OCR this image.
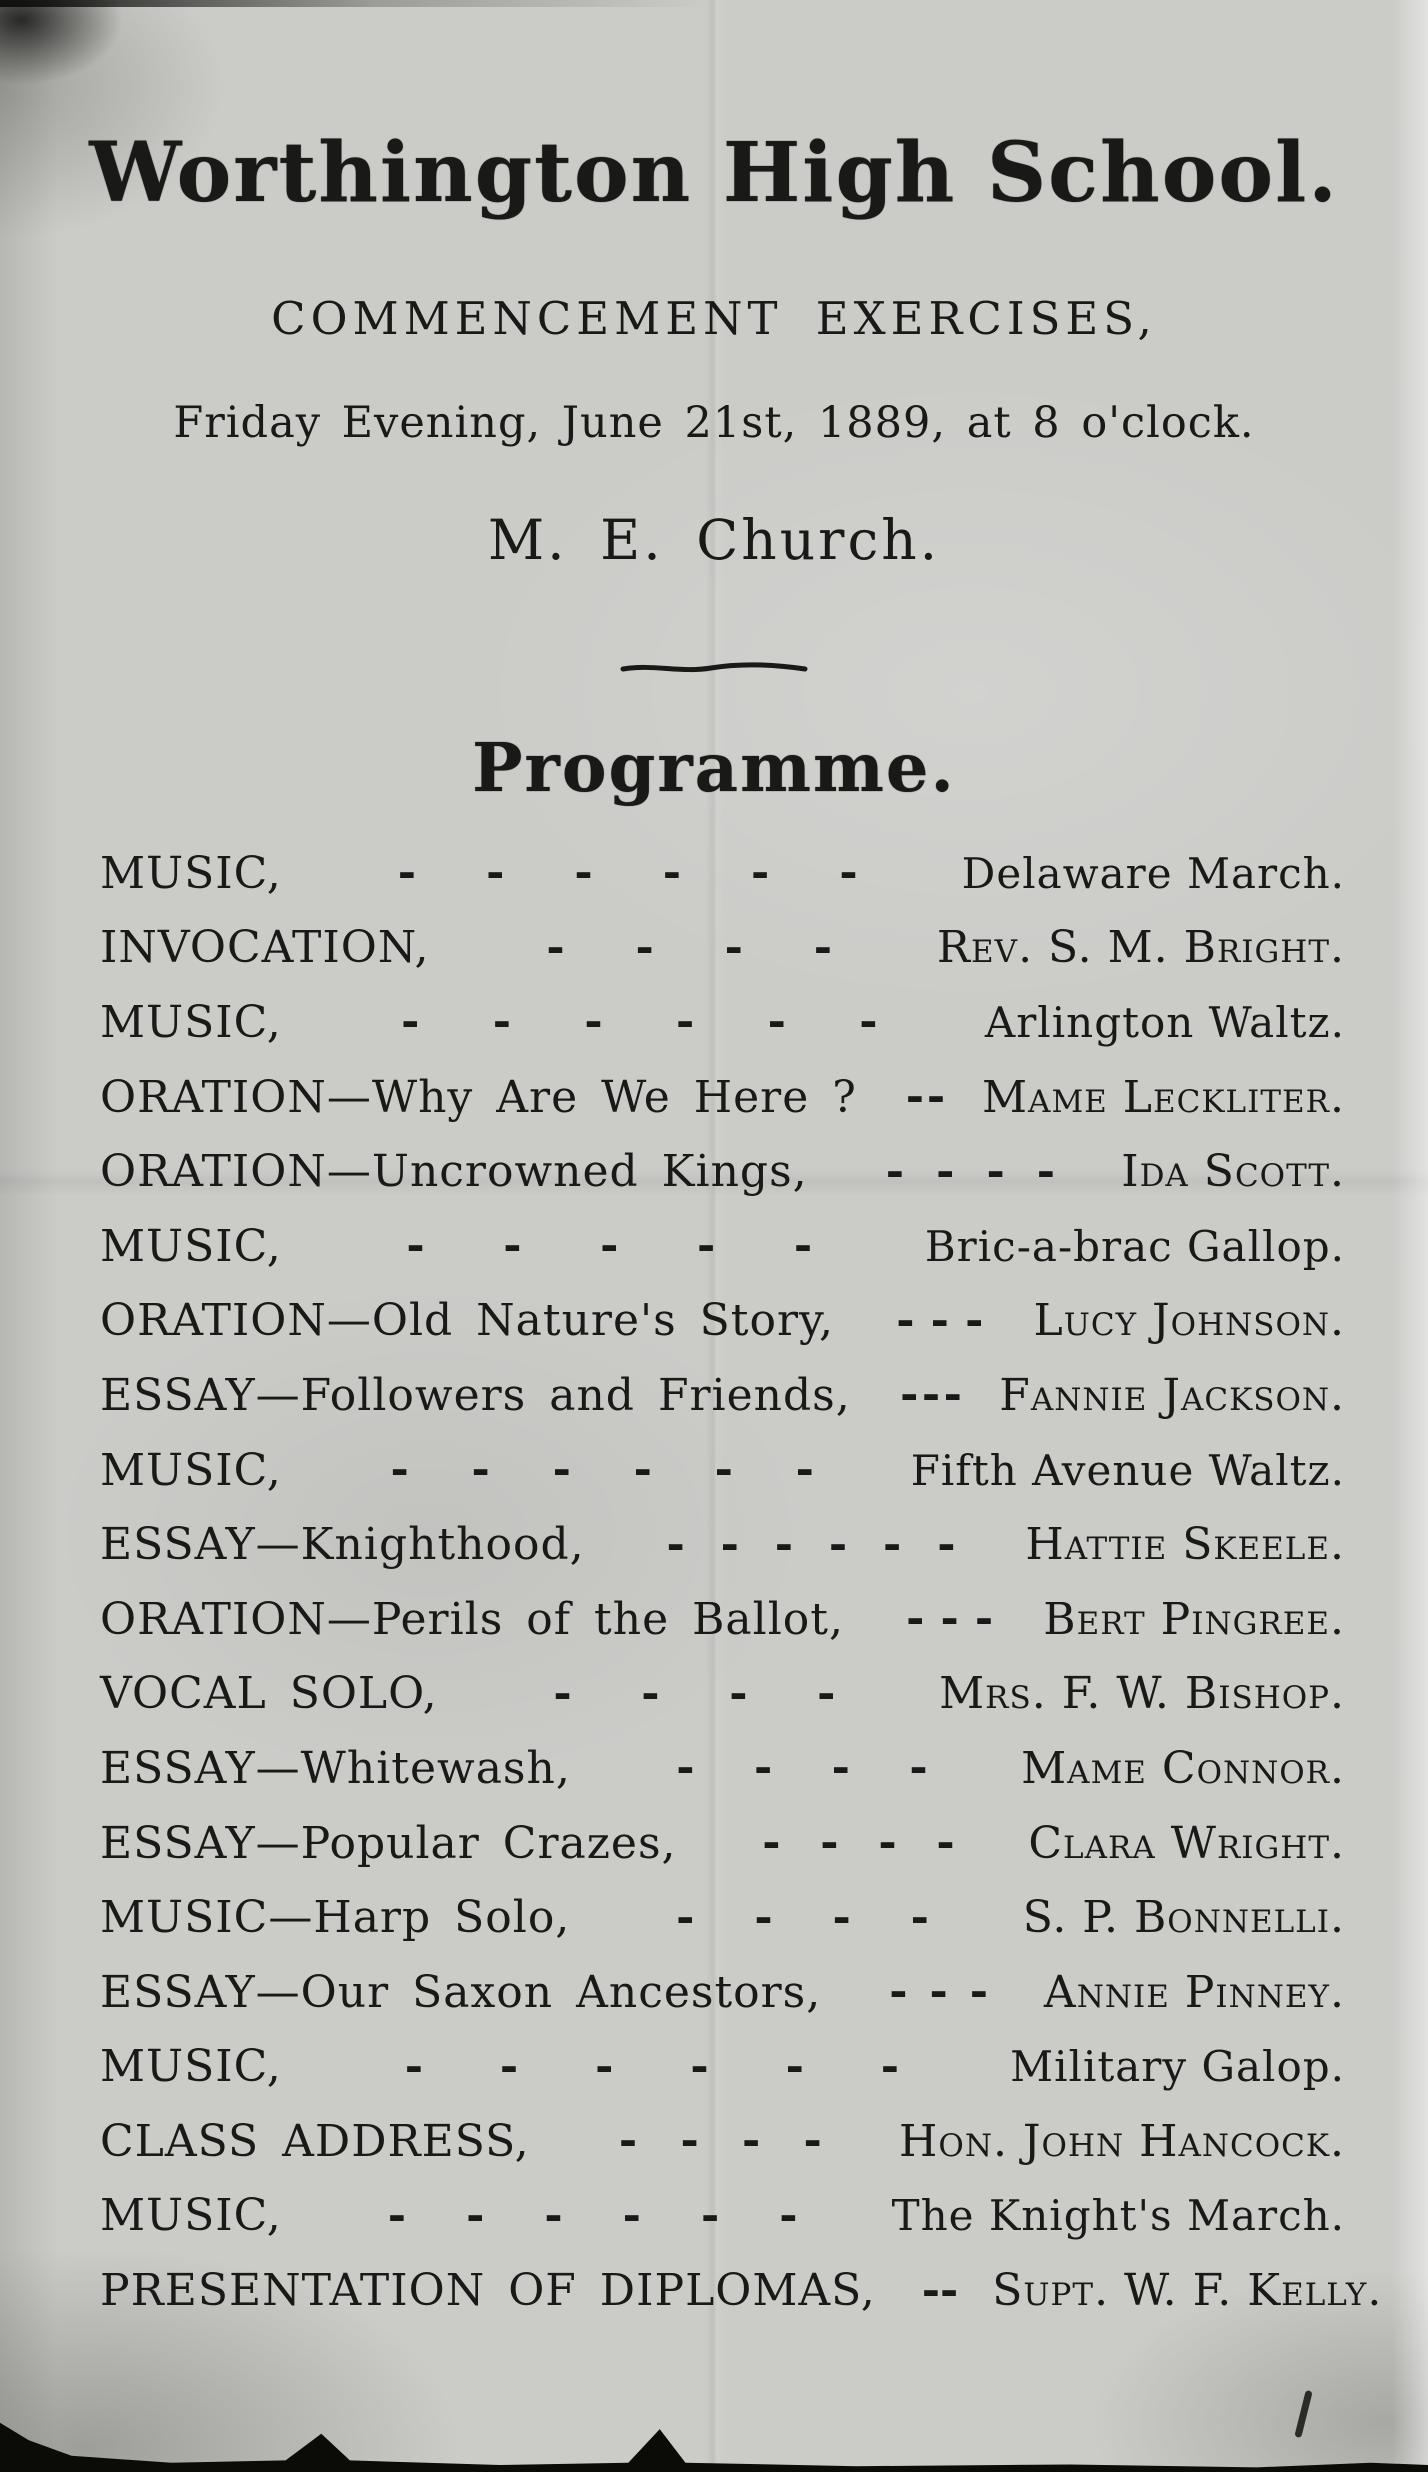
Worthington High School.
COMMENCEMENT EXERCISES,
Friday Evening, June 21st, 1889, at 8 o'clock.
M. E. Church.
Programme.
MUSIC,	- - - - - - Delaware March.
INVOCATION,	- - - - Rev. S. M. Bright.
MUSIC,	- - - - - -	Arlington Waltz.
ORATION—Why Are We Here ? - - Mame Leckliter.
ORATION—Uncrowned Kings, - - - - Ida Scott.
MUSIC,	- - - - -	Bric-a-brac Gallop.
ORATION—Old Nature's Story, - - - Lucy Johnson.
ESSAY—Followers and Friends, - - - Fannie Jackson.
MUSIC, - - - - - - Fifth Avenue Waltz.
ESSAY—Knighthood, - - - - - - Hattie Skeele.
ORATION—Perils of the Ballot, - - - Bert Pingree.
VOCAL SOLO,	- - - - Mrs. F. W. Bishop.
ESSAY—Whitewash, - - - - Mame Connor.
ESSAY—Popular Crazes, - - - - Clara Wright.
MUSIC—Harp Solo, - - - - S. P. Bonnelli.
ESSAY—Our Saxon Ancestors, - - - Annie Pinney.
MUSIC,	- - - - - -	Military Galop.
CLASS ADDRESS, - - - - Hon. John Hancock.
MUSIC, - - - - - - The Knight's March.
PRESENTATION OF DIPLOMAS, - - Supt. W. F. Kelly.
